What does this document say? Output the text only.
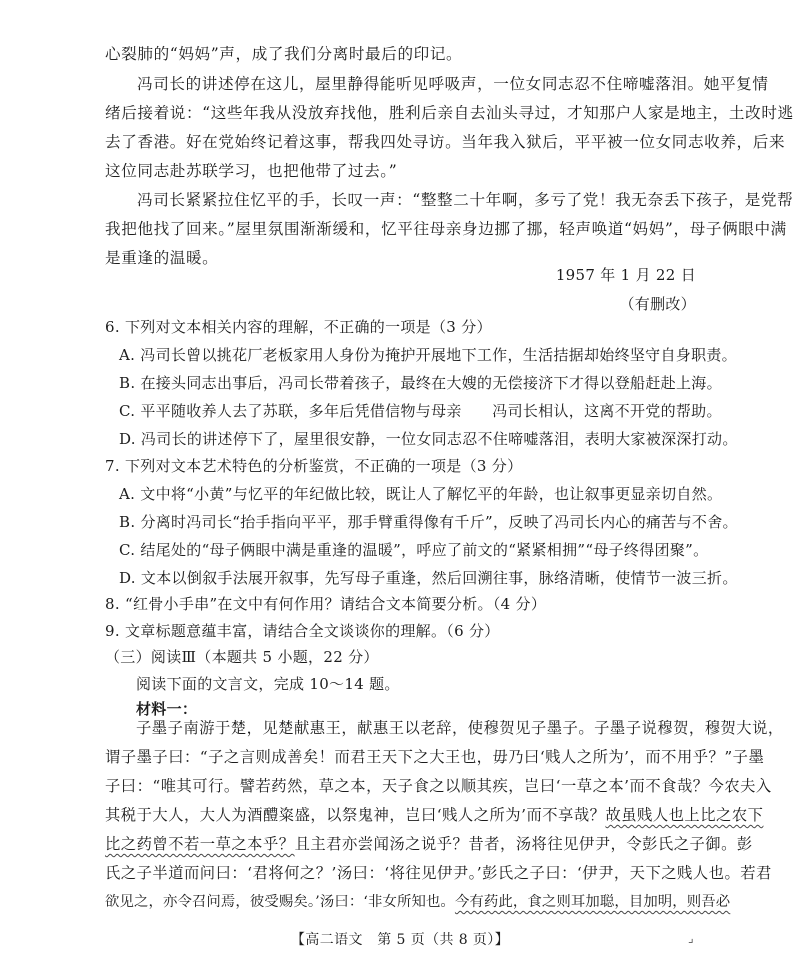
心裂肺的“妈妈”声，成了我们分离时最后的印记。
冯司长的讲述停在这儿，屋里静得能听见呼吸声，一位女同志忍不住啼嘘落泪。她平复情
绪后接着说：“这些年我从没放弃找他，胜利后亲自去汕头寻过，才知那户人家是地主，土改时逃
去了香港。好在党始终记着这事，帮我四处寻访。当年我入狱后，平平被一位女同志收养，后来
这位同志赴苏联学习，也把他带了过去。”
冯司长紧紧拉住忆平的手，长叹一声：“整整二十年啊，多亏了党！我无奈丢下孩子，是党帮
我把他找了回来。”屋里氛围渐渐缓和，忆平往母亲身边挪了挪，轻声唤道“妈妈”，母子俩眼中满
是重逢的温暖。
1957 年 1 月 22 日
（有删改）
6. 下列对文本相关内容的理解，不正确的一项是（3 分）
A. 冯司长曾以挑花厂老板家用人身份为掩护开展地下工作，生活拮据却始终坚守自身职责。
B. 在接头同志出事后，冯司长带着孩子，最终在大嫂的无偿接济下才得以登船赶赴上海。
C. 平平随收养人去了苏联，多年后凭借信物与母亲　　冯司长相认，这离不开党的帮助。
D. 冯司长的讲述停下了，屋里很安静，一位女同志忍不住啼嘘落泪，表明大家被深深打动。
7. 下列对文本艺术特色的分析鉴赏，不正确的一项是（3 分）
A. 文中将“小黄”与忆平的年纪做比较，既让人了解忆平的年龄，也让叙事更显亲切自然。
B. 分离时冯司长“抬手指向平平，那手臂重得像有千斤”，反映了冯司长内心的痛苦与不舍。
C. 结尾处的“母子俩眼中满是重逢的温暖”，呼应了前文的“紧紧相拥”“母子终得团聚”。
D. 文本以倒叙手法展开叙事，先写母子重逢，然后回溯往事，脉络清晰，使情节一波三折。
8. “红骨小手串”在文中有何作用？请结合文本简要分析。（4 分）
9. 文章标题意蕴丰富，请结合全文谈谈你的理解。（6 分）
（三）阅读Ⅲ（本题共 5 小题，22 分）
阅读下面的文言文，完成 10～14 题。
材料一：
子墨子南游于楚，见楚献惠王，献惠王以老辞，使穆贺见子墨子。子墨子说穆贺，穆贺大说，
谓子墨子曰：“子之言则成善矣！而君王天下之大王也，毋乃曰‘贱人之所为’，而不用乎？”子墨
子曰：“唯其可行。譬若药然，草之本，天子食之以顺其疾，岂曰‘一草之本’而不食哉？今农夫入
其税于大人，大人为酒醴粢盛，以祭鬼神，岂曰‘贱人之所为’而不享哉？故虽贱人也上比之农下
比之药曾不若一草之本乎？且主君亦尝闻汤之说乎？昔者，汤将往见伊尹，令彭氏之子御。彭
氏之子半道而问曰：‘君将何之？’汤曰：‘将往见伊尹。’彭氏之子曰：‘伊尹，天下之贱人也。若君
欲见之，亦令召问焉，彼受赐矣。’汤曰：‘非女所知也。今有药此，食之则耳加聪，目加明，则吾必
【高二语文　第 5 页（共 8 页）】	⌟
